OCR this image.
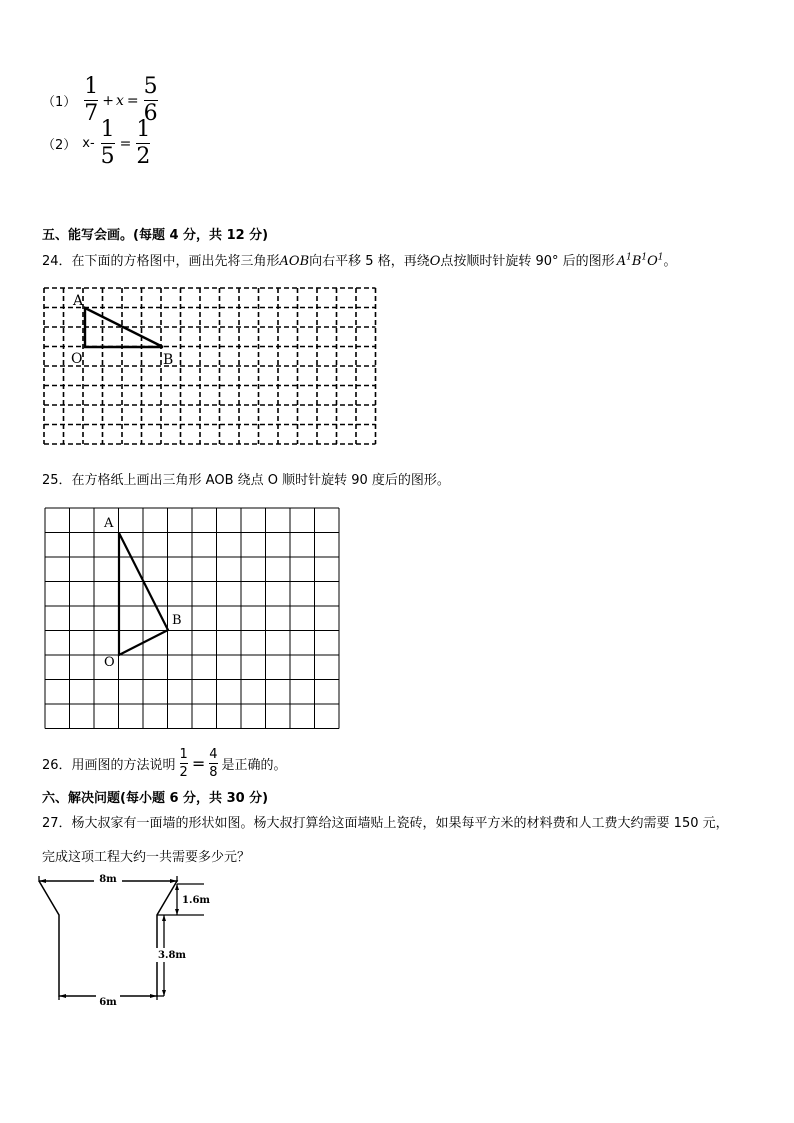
$(1) \frac{1}{7} + x = \frac{5}{6}$
（2） $x- \frac{1}{5} = \frac{1}{2}$
五、能写会画。(每题 4 分，共 12 分)
24．在下面的方格图中，画出先将三角形AOB向右平移 5 格，再绕O点按顺时针旋转 90° 后的图形 $A^1B^1O^1$。
A
O	B
25．在方格纸上画出三角形 AOB 绕点 O 顺时针旋转 90 度后的图形。
A
B
O
26．用画图的方法说明 $\frac{1}{2} = \frac{4}{8}$ 是正确的。
六、解决问题(每小题 6 分，共 30 分)
27．杨大叔家有一面墙的形状如图。杨大叔打算给这面墙贴上瓷砖，如果每平方米的材料费和人工费大约需要 150 元，
完成这项工程大约一共需要多少元？
8m
1.6m
3.8m
6m
